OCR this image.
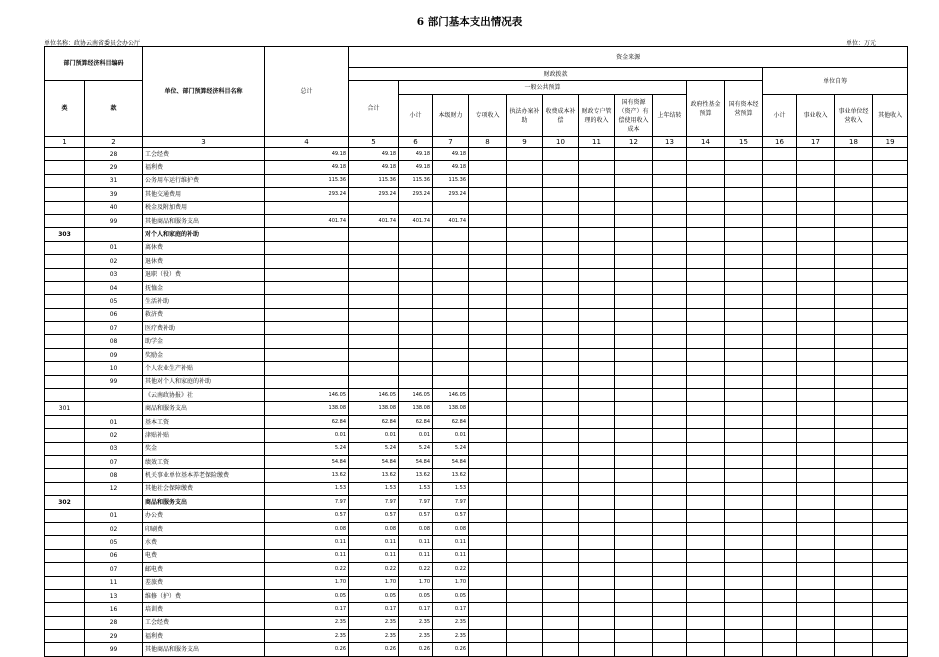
6 部门基本支出情况表
单位名称：政协云南省委员会办公厅	单位：万元
部门预算经济科目编码		单位、部门预算经济科目名称	总计	资金来源														
				财政拨款											单位自筹			
类	款			合计	一般公共预算								政府性基金预算	国有资本经营预算				
					小计	本级财力	专项收入	执法办案补助	收费成本补偿	财政专户管理的收入	国有资源（资产）有偿使用收入成本	上年结转			小计	事业收入	事业单位经营收入	其他收入
1	2	3	4	5	6	7	8	9	10	11	12	13	14	15	16	17	18	19
	28	工会经费	49.18	49.18	49.18	49.18												
	29	福利费	49.18	49.18	49.18	49.18												
	31	公务用车运行维护费	115.36	115.36	115.36	115.36												
	39	其他交通费用	293.24	293.24	293.24	293.24												
	40	税金及附加费用																
	99	其他商品和服务支出	401.74	401.74	401.74	401.74												
303		对个人和家庭的补助																
	01	离休费																
	02	退休费																
	03	退职（役）费																
	04	抚恤金																
	05	生活补助																
	06	救济费																
	07	医疗费补助																
	08	助学金																
	09	奖励金																
	10	个人农业生产补贴																
	99	其他对个人和家庭的补助																
		《云南政协报》社	146.05	146.05	146.05	146.05												
301		商品和服务支出	138.08	138.08	138.08	138.08												
	01	基本工资	62.84	62.84	62.84	62.84												
	02	津贴补贴	0.01	0.01	0.01	0.01												
	03	奖金	5.24	5.24	5.24	5.24												
	07	绩效工资	54.84	54.84	54.84	54.84												
	08	机关事业单位基本养老保险缴费	13.62	13.62	13.62	13.62												
	12	其他社会保障缴费	1.53	1.53	1.53	1.53												
302		商品和服务支出	7.97	7.97	7.97	7.97												
	01	办公费	0.57	0.57	0.57	0.57												
	02	印刷费	0.08	0.08	0.08	0.08												
	05	水费	0.11	0.11	0.11	0.11												
	06	电费	0.11	0.11	0.11	0.11												
	07	邮电费	0.22	0.22	0.22	0.22												
	11	差旅费	1.70	1.70	1.70	1.70												
	13	维修（护）费	0.05	0.05	0.05	0.05												
	16	培训费	0.17	0.17	0.17	0.17												
	28	工会经费	2.35	2.35	2.35	2.35												
	29	福利费	2.35	2.35	2.35	2.35												
	99	其他商品和服务支出	0.26	0.26	0.26	0.26												
